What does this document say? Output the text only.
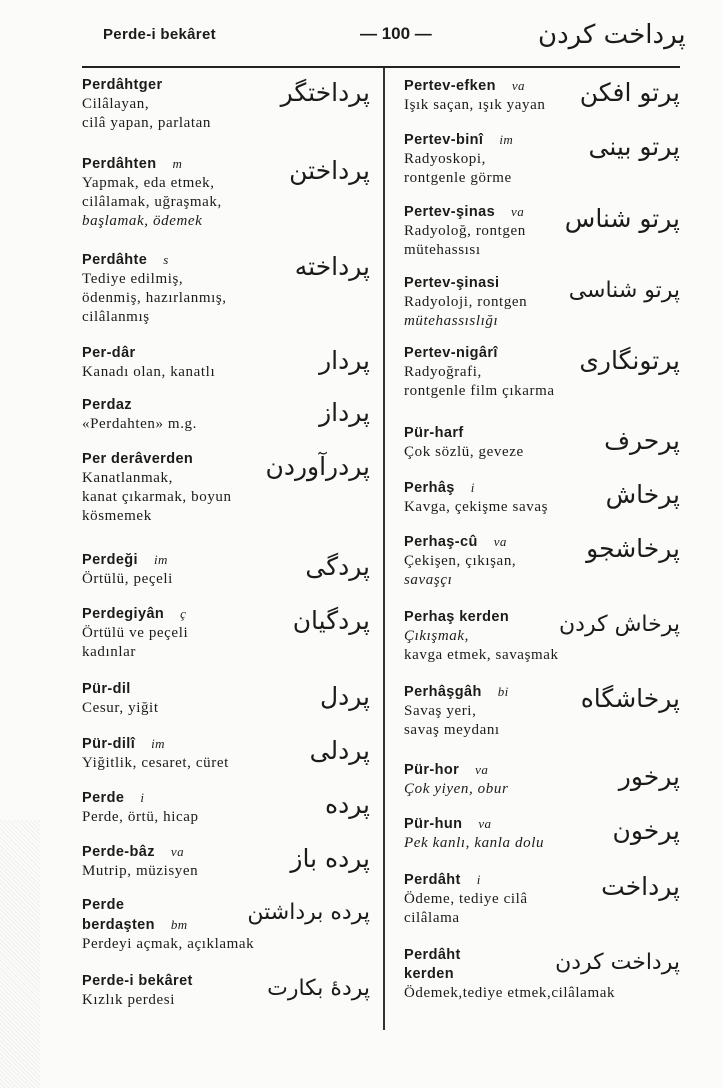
Perde-i bekâret	— 100 —	پرداخت كردن
Perdâhtger
Cilâlayan,
cilâ yapan, parlatan
پرداختگر
Perdâhten m
Yapmak, eda etmek,
cilâlamak, uğraşmak,
başlamak, ödemek
پرداختن
Perdâhte s
Tediye edilmiş,
ödenmiş, hazırlanmış,
cilâlanmış
پرداخته
Per-dâr
Kanadı olan, kanatlı	پردار
Perdaz
«Perdahten» m.g.	پرداز
Per derâverden
Kanatlanmak,
kanat çıkarmak, boyun
kösmemek
پردرآوردن
Perdeği im
Örtülü, peçeli	پردگی
Perdegiyân ç
Örtülü ve peçeli
kadınlar
پردگیان
Pür-dil
Cesur, yiğit	پردل
Pür-dilî im
Yiğitlik, cesaret, cüret	پردلی
Perde i
Perde, örtü, hicap	پرده
Perde-bâz va
Mutrip, müzisyen	پرده باز
Perde
berdaşten bm
Perdeyi açmak, açıklamak
پرده برداشتن
Perde-i bekâret
Kızlık perdesi	پردۀ بكارت
Pertev-efken va
Işık saçan, ışık yayan	پرتو افكن
Pertev-binî im
Radyoskopi,
rontgenle görme
پرتو بینی
Pertev-şinas va
Radyoloğ, rontgen
mütehassısı
پرتو شناس
Pertev-şinasi
Radyoloji, rontgen
mütehassıslığı
پرتو شناسی
Pertev-nigârî
Radyoğrafi,
rontgenle film çıkarma
پرتونگاری
Pür-harf
Çok sözlü, geveze	پرحرف
Perhâş i
Kavga, çekişme savaş	پرخاش
Perhaş-cû va
Çekişen, çıkışan,
savaşçı
پرخاشجو
Perhaş kerden
Çıkışmak,
kavga etmek, savaşmak
پرخاش كردن
Perhâşgâh bi
Savaş yeri,
savaş meydanı
پرخاشگاه
Pür-hor va
Çok yiyen, obur	پرخور
Pür-hun va
Pek kanlı, kanla dolu	پرخون
Perdâht i
Ödeme, tediye cilâ
cilâlama
پرداخت
Perdâht
kerden
Ödemek,tediye etmek,cilâlamak
پرداخت كردن
